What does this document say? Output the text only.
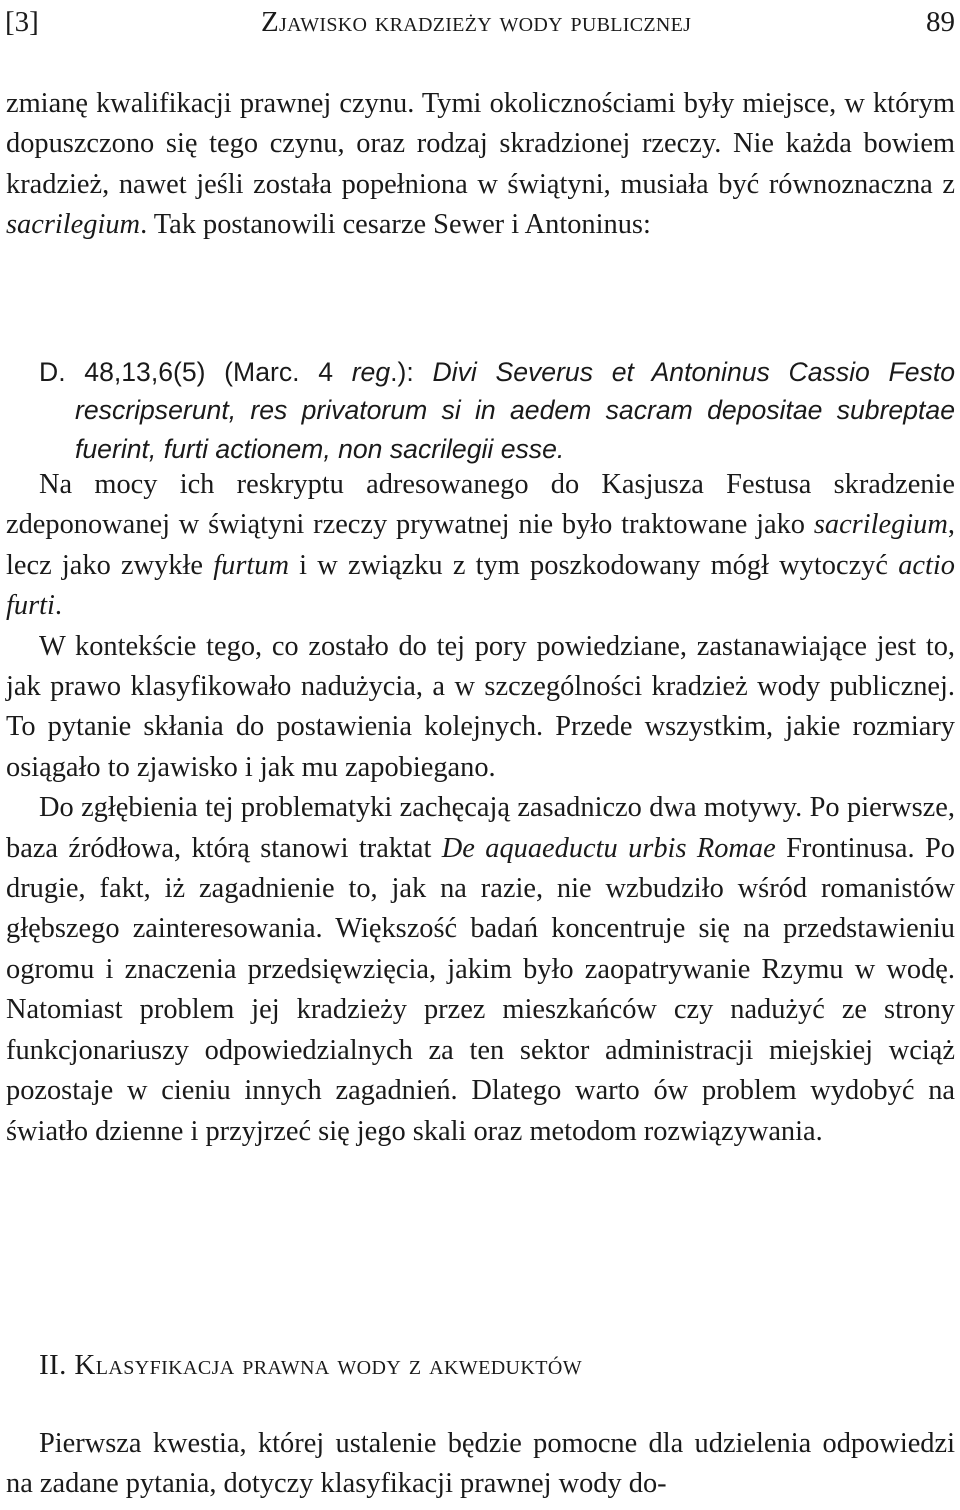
[3]	Zjawisko kradzieży wody publicznej	89

zmianę kwalifikacji prawnej czynu. Tymi okolicznościami były miejsce, w którym dopuszczono się tego czynu, oraz rodzaj skradzionej rzeczy. Nie każda bowiem kradzież, nawet jeśli została popełniona w świątyni, musiała być równoznaczna z sacrilegium. Tak postanowili cesarze Sewer i Antoninus:

D. 48,13,6(5) (Marc. 4 reg.): Divi Severus et Antoninus Cassio Festo rescripserunt, res privatorum si in aedem sacram depositae subreptae fuerint, furti actionem, non sacrilegii esse.

Na mocy ich reskryptu adresowanego do Kasjusza Festusa skradzenie zdeponowanej w świątyni rzeczy prywatnej nie było traktowane jako sacrilegium, lecz jako zwykłe furtum i w związku z tym poszkodowany mógł wytoczyć actio furti.

W kontekście tego, co zostało do tej pory powiedziane, zastanawiające jest to, jak prawo klasyfikowało nadużycia, a w szczególności kradzież wody publicznej. To pytanie skłania do postawienia kolejnych. Przede wszystkim, jakie rozmiary osiągało to zjawisko i jak mu zapobiegano.

Do zgłębienia tej problematyki zachęcają zasadniczo dwa motywy. Po pierwsze, baza źródłowa, którą stanowi traktat De aquaeductu urbis Romae Frontinusa. Po drugie, fakt, iż zagadnienie to, jak na razie, nie wzbudziło wśród romanistów głębszego zainteresowania. Większość badań koncentruje się na przedstawieniu ogromu i znaczenia przedsięwzięcia, jakim było zaopatrywanie Rzymu w wodę. Natomiast problem jej kradzieży przez mieszkańców czy nadużyć ze strony funkcjonariuszy odpowiedzialnych za ten sektor administracji miejskiej wciąż pozostaje w cieniu innych zagadnień. Dlatego warto ów problem wydobyć na światło dzienne i przyjrzeć się jego skali oraz metodom rozwiązywania.

II. Klasyfikacja prawna wody z akweduktów

Pierwsza kwestia, której ustalenie będzie pomocne dla udzielenia odpowiedzi na zadane pytania, dotyczy klasyfikacji prawnej wody do-
